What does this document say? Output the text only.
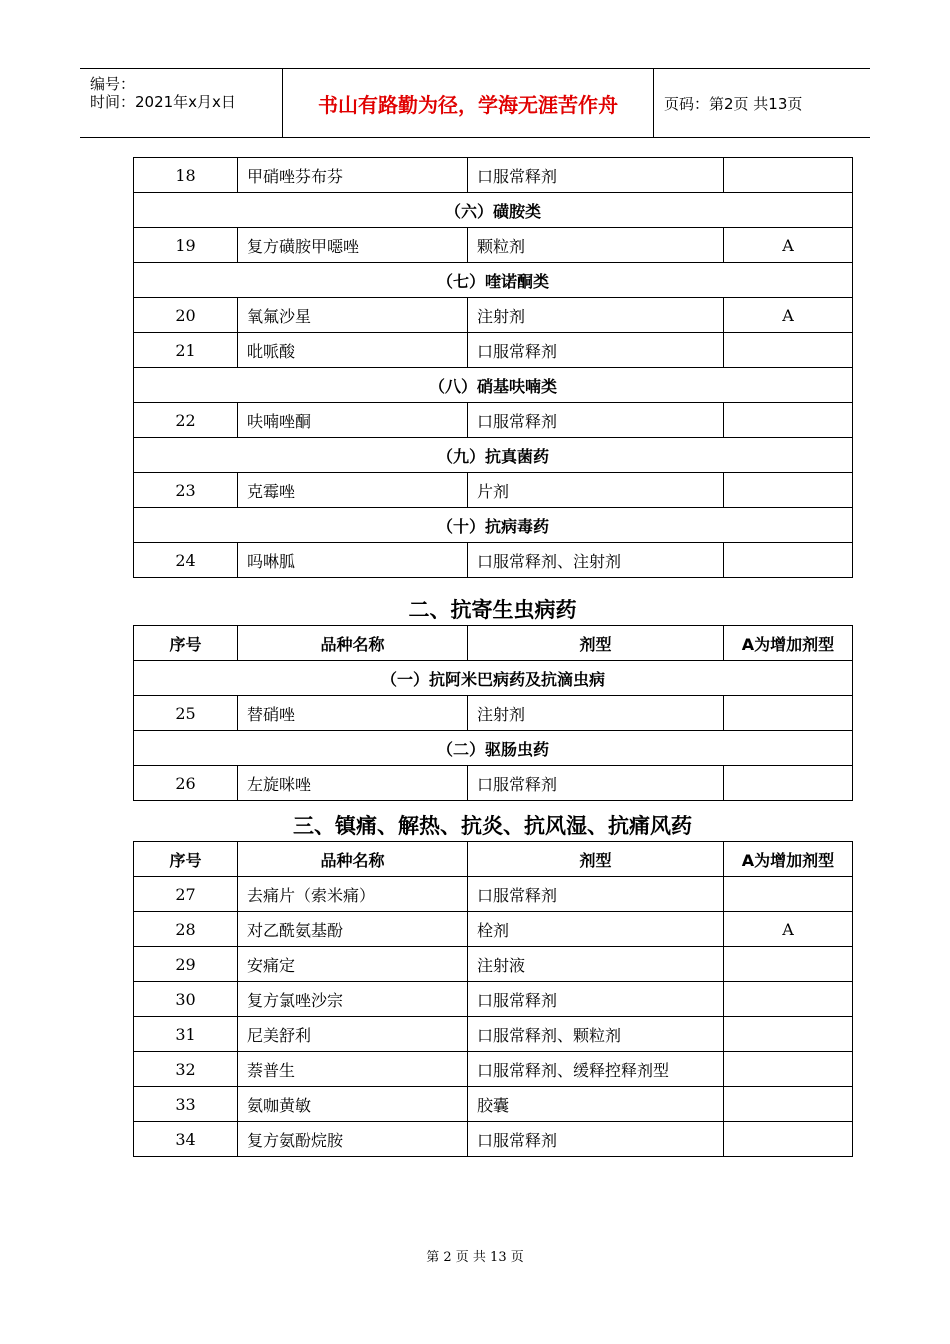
编号：
时间：2021年x月x日	书山有路勤为径，学海无涯苦作舟	页码：第2页 共13页
18	甲硝唑芬布芬	口服常释剂	
（六）磺胺类			
19	复方磺胺甲噁唑	颗粒剂	A
（七）喹诺酮类			
20	氧氟沙星	注射剂	A
21	吡哌酸	口服常释剂	
（八）硝基呋喃类			
22	呋喃唑酮	口服常释剂	
（九）抗真菌药			
23	克霉唑	片剂	
（十）抗病毒药			
24	吗啉胍	口服常释剂、注射剂	
二、抗寄生虫病药
序号	品种名称	剂型	A为增加剂型
（一）抗阿米巴病药及抗滴虫病			
25	替硝唑	注射剂	
（二）驱肠虫药			
26	左旋咪唑	口服常释剂	
三、镇痛、解热、抗炎、抗风湿、抗痛风药
序号	品种名称	剂型	A为增加剂型
27	去痛片（索米痛）	口服常释剂	
28	对乙酰氨基酚	栓剂	A
29	安痛定	注射液	
30	复方氯唑沙宗	口服常释剂	
31	尼美舒利	口服常释剂、颗粒剂	
32	萘普生	口服常释剂、缓释控释剂型	
33	氨咖黄敏	胶囊	
34	复方氨酚烷胺	口服常释剂	
第 2 页 共 13 页
